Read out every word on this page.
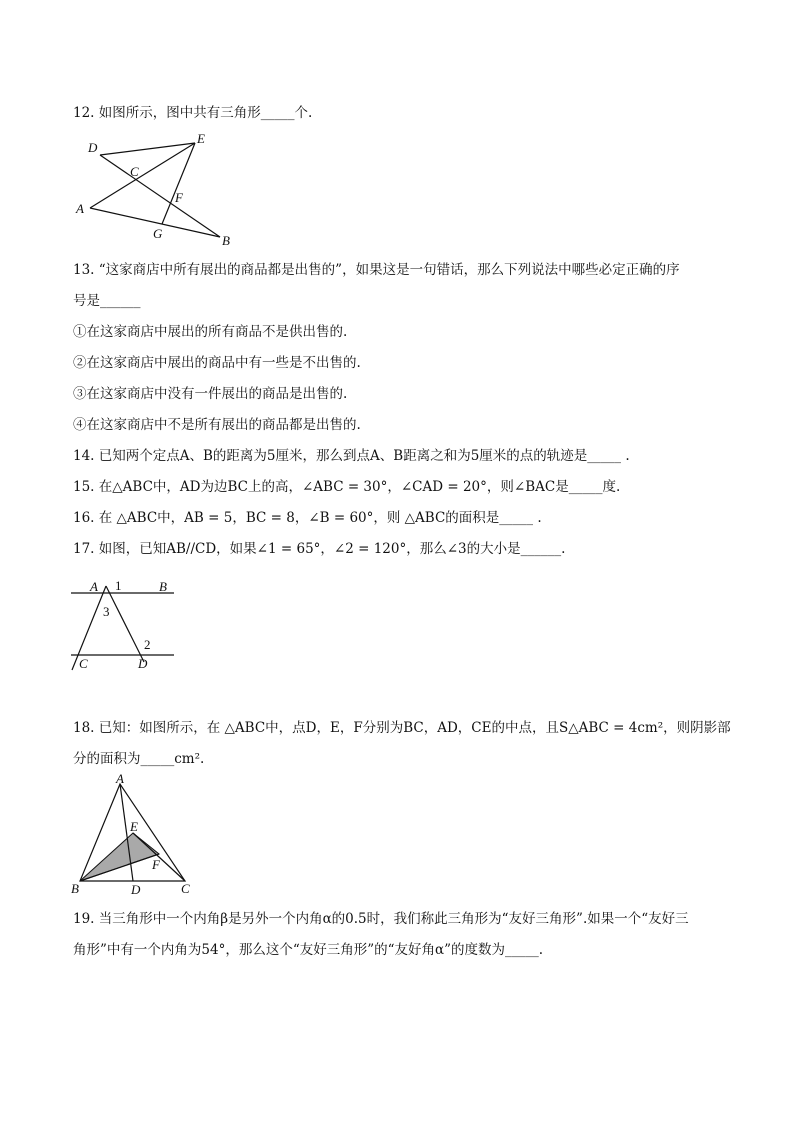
12. 如图所示，图中共有三角形_____个.
D
E
C
F
A
G	B
13. “这家商店中所有展出的商品都是出售的”，如果这是一句错话，那么下列说法中哪些必定正确的序
号是______
①在这家商店中展出的所有商品不是供出售的.
②在这家商店中展出的商品中有一些是不出售的.
③在这家商店中没有一件展出的商品是出售的.
④在这家商店中不是所有展出的商品都是出售的.
14. 已知两个定点A、B的距离为5厘米，那么到点A、B距离之和为5厘米的点的轨迹是_____ .
15. 在△ABC中，AD为边BC上的高，∠ABC = 30°，∠CAD = 20°，则∠BAC是_____度.
16. 在 △ABC中，AB = 5，BC = 8，∠B = 60°，则 △ABC的面积是_____ .
17. 如图，已知AB//CD，如果∠1 = 65°，∠2 = 120°，那么∠3的大小是______.
A 1	B
3
2
C	D
18. 已知：如图所示，在 △ABC中，点D，E，F分别为BC，AD，CE的中点，且S△ABC = 4cm²，则阴影部
分的面积为_____cm².
A
E
F
B	D	C
19. 当三角形中一个内角β是另外一个内角α的0.5时，我们称此三角形为“友好三角形”.如果一个“友好三
角形”中有一个内角为54°，那么这个“友好三角形”的“友好角α”的度数为_____.
